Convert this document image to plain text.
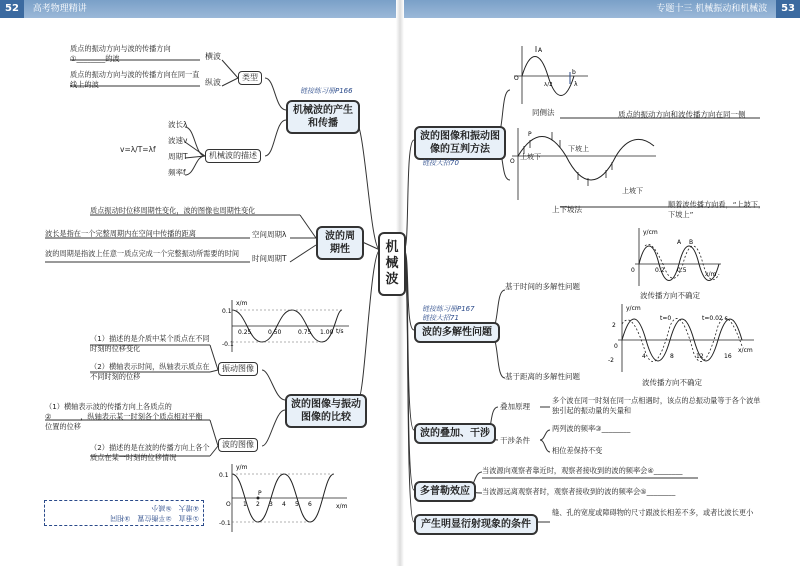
52 高考物理精讲	专题十三 机械振动和机械波 53
机械波
机械波的产生和传播
链接练习册P166
质点的振动方向与波的传播方向①________的波	横波
质点的振动方向与波的传播方向在同一直线上的波	纵波
类型
v=λ/T=λf
波长λ
波速v
周期T
频率f
机械波的描述
波的周期性
质点振动时位移周期性变化，波的图像也周期性变化
波长是指在一个完整周期内在空间中传播的距离	空间周期λ
波的周期是指波上任意一质点完成一个完整振动所需要的时间
时间周期T
x/m
t/s
0.1
-0.1
0.25	0.50	0.75 1.00
波的图像与振动图像的比较
（1）描述的是介质中某个质点在不同时刻的位移变化
（2）横轴表示时间，纵轴表示质点在不同时刻的位移
振动图像
（1）横轴表示波的传播方向上各质点的②________，纵轴表示某一时刻各个质点相对平衡位置的位移
（2）描述的是在波的传播方向上各个质点在某一时刻的位移情况
波的图像
y/m
x/m
0.1
-0.1
O
P
1 2 3 4 5 6
①垂直　②平衡位置　③相同
④增大　⑤减小
波的图像和振动图像的互判方法
链接大招70
O
A
b
λ/2	λ
同侧法	质点的振动方向和波传播方向在同一侧
O
P
上坡下
下坡上
上坡下
上下坡法
顺着波传播方向看，“上坡下，下坡上”
波的多解性问题
链接练习册P167
链接大招71
基于时间的多解性问题
基于距离的多解性问题
y/cm
x/m
A B
0	0.2 0.5
波传播方向不确定
y/cm
x/cm
t=0	t=0.02 s
2
-2
0
4	8	12	16
波传播方向不确定
波的叠加、干涉
叠加原理
多个波在同一时刻在同一点相遇时，该点的总振动量等于各个波单独引起的振动量的矢量和
干涉条件
两列波的频率③________
相位差保持不变
多普勒效应
当波源向观察者靠近时，观察者接收到的波的频率会④________
当波源远离观察者时，观察者接收到的波的频率会⑤________
产生明显衍射现象的条件
缝、孔的宽度或障碍物的尺寸跟波长相差不多，或者比波长更小
